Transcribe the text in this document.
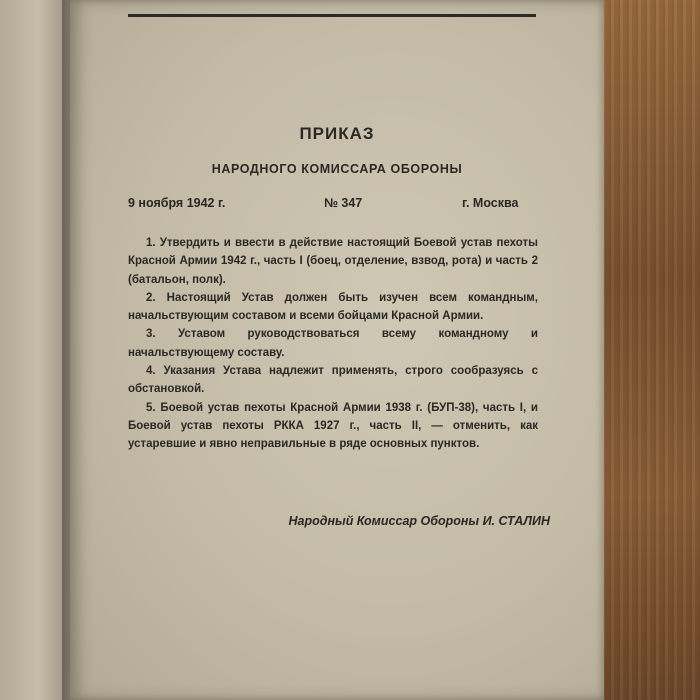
ПРИКАЗ
НАРОДНОГО КОМИССАРА ОБОРОНЫ
9 ноября 1942 г.	№ 347	г. Москва

1. Утвердить и ввести в действие настоящий Боевой устав пехоты Красной Армии 1942 г., часть I (боец, отделение, взвод, рота) и часть 2 (батальон, полк).

2. Настоящий Устав должен быть изучен всем командным, начальствующим составом и всеми бойцами Красной Армии.

3. Уставом руководствоваться всему командному и начальствующему составу.

4. Указания Устава надлежит применять, строго сообразуясь с обстановкой.

5. Боевой устав пехоты Красной Армии 1938 г. (БУП-38), часть I, и Боевой устав пехоты РККА 1927 г., часть II, — отменить, как устаревшие и явно неправильные в ряде основных пунктов.

Народный Комиссар Обороны И. СТАЛИН
